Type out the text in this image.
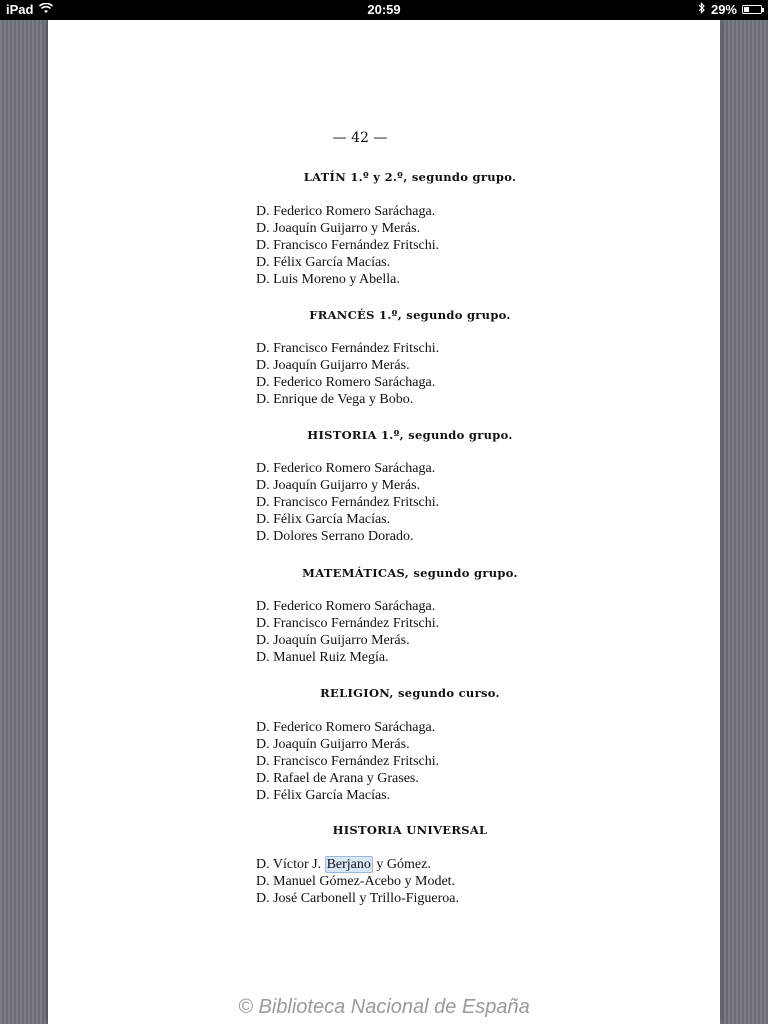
iPad	20:59	29%
— 42 —
LATÍN 1.º y 2.º, segundo grupo.
D. Federico Romero Saráchaga.
D. Joaquín Guijarro y Merás.
D. Francisco Fernández Fritschi.
D. Félix García Macías.
D. Luis Moreno y Abella.
FRANCÉS 1.º, segundo grupo.
D. Francisco Fernández Fritschi.
D. Joaquín Guijarro Merás.
D. Federico Romero Saráchaga.
D. Enrique de Vega y Bobo.
HISTORIA 1.º, segundo grupo.
D. Federico Romero Saráchaga.
D. Joaquín Guijarro y Merás.
D. Francisco Fernández Fritschi.
D. Félix García Macías.
D. Dolores Serrano Dorado.
MATEMÁTICAS, segundo grupo.
D. Federico Romero Saráchaga.
D. Francisco Fernández Fritschi.
D. Joaquín Guijarro Merás.
D. Manuel Ruiz Megía.
RELIGION, segundo curso.
D. Federico Romero Saráchaga.
D. Joaquín Guijarro Merás.
D. Francisco Fernández Fritschi.
D. Rafael de Arana y Grases.
D. Félix García Macías.
HISTORIA UNIVERSAL
D. Víctor J. Berjano y Gómez.
D. Manuel Gómez-Acebo y Modet.
D. José Carbonell y Trillo-Figueroa.
© Biblioteca Nacional de España
